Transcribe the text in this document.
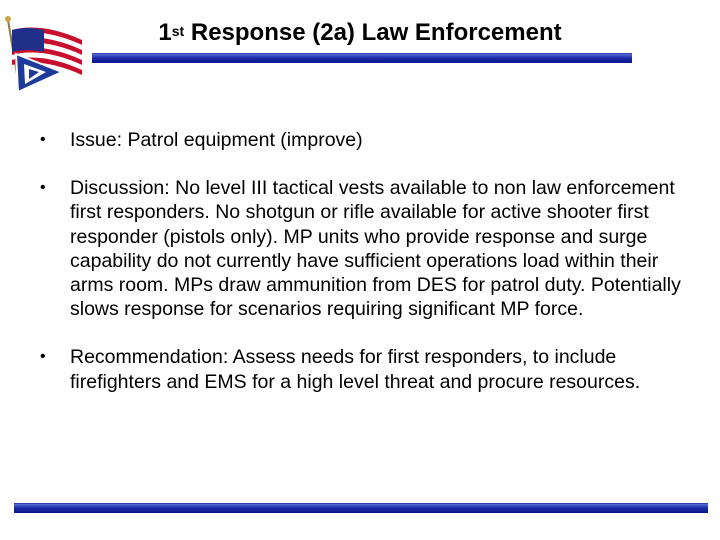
1st Response (2a) Law Enforcement
• Issue: Patrol equipment (improve)
• Discussion: No level III tactical vests available to non law enforcement first responders. No shotgun or rifle available for active shooter first responder (pistols only). MP units who provide response and surge capability do not currently have sufficient operations load within their arms room. MPs draw ammunition from DES for patrol duty. Potentially slows response for scenarios requiring significant MP force.
• Recommendation: Assess needs for first responders, to include firefighters and EMS for a high level threat and procure resources.
